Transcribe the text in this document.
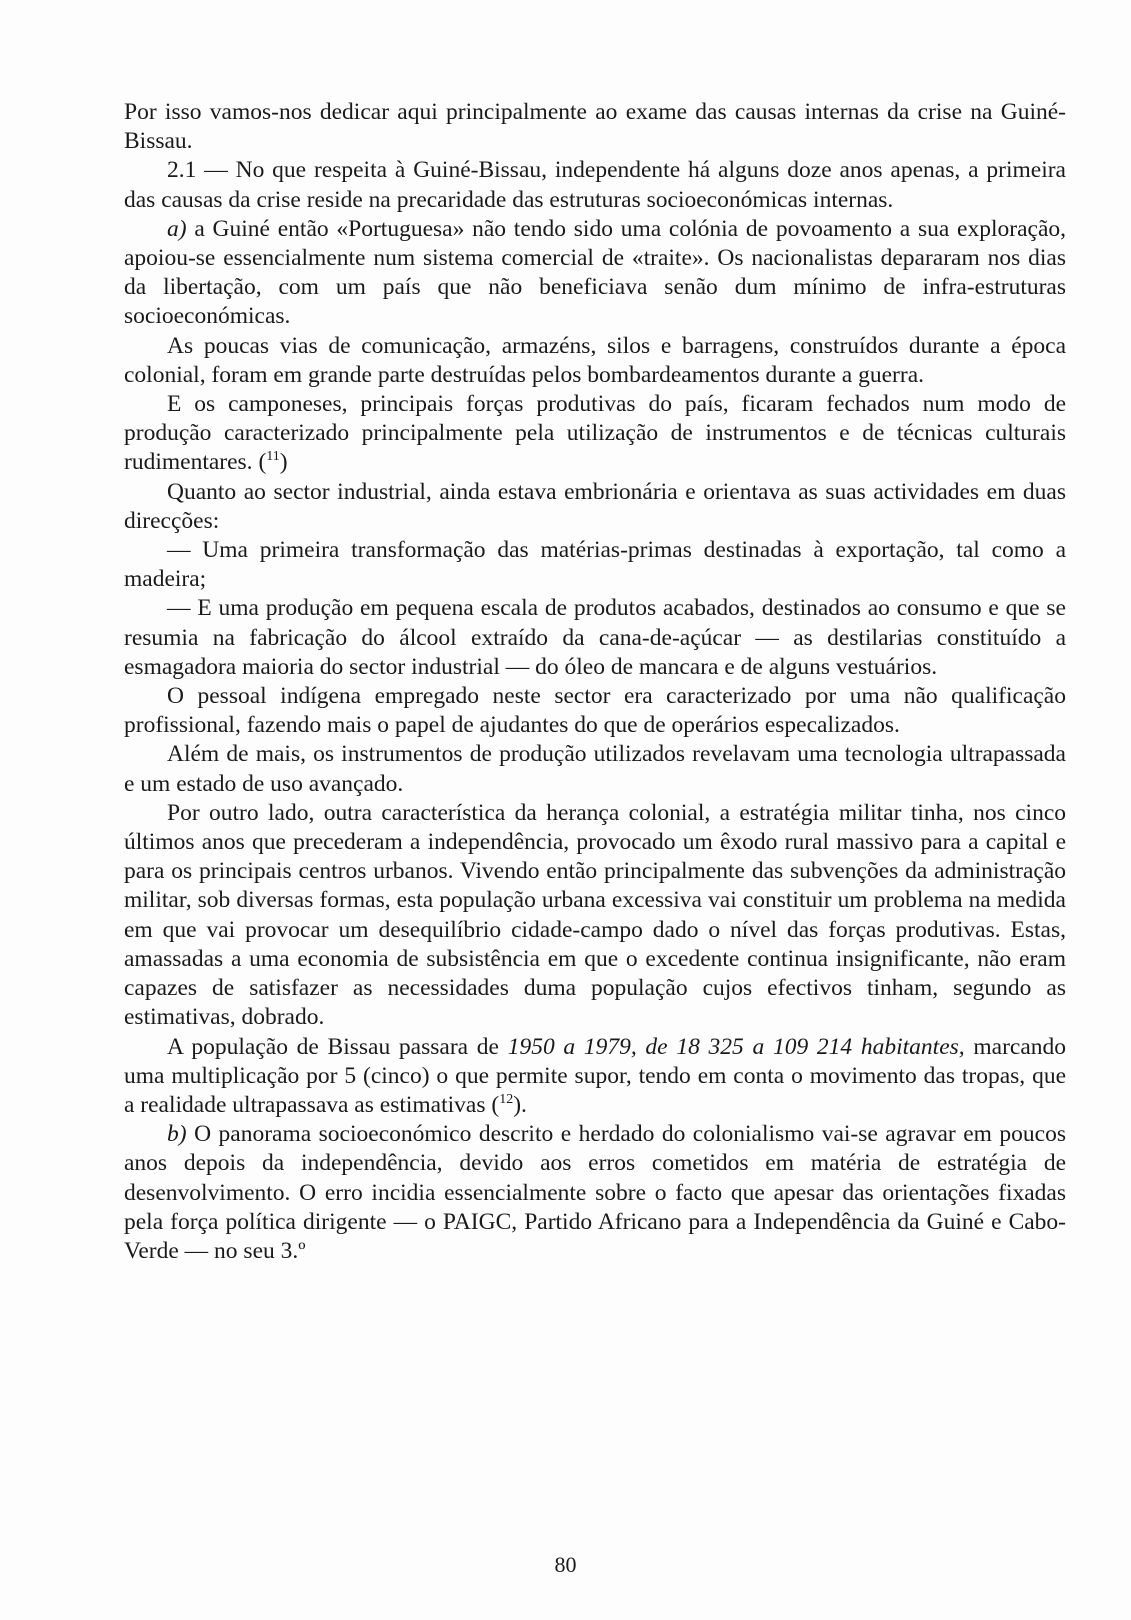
Por isso vamos-nos dedicar aqui principalmente ao exame das causas internas da crise na Guiné-Bissau.

2.1 — No que respeita à Guiné-Bissau, independente há alguns doze anos apenas, a primeira das causas da crise reside na precaridade das estruturas socioeconómicas internas.

a) a Guiné então «Portuguesa» não tendo sido uma colónia de povoamento a sua exploração, apoiou-se essencialmente num sistema comercial de «traite». Os nacionalistas depararam nos dias da libertação, com um país que não beneficiava senão dum mínimo de infra-estruturas socioeconómicas.

As poucas vias de comunicação, armazéns, silos e barragens, construídos durante a época colonial, foram em grande parte destruídas pelos bombardeamentos durante a guerra.

E os camponeses, principais forças produtivas do país, ficaram fechados num modo de produção caracterizado principalmente pela utilização de instrumentos e de técnicas culturais rudimentares. ($^{11}$)

Quanto ao sector industrial, ainda estava embrionária e orientava as suas actividades em duas direcções:

— Uma primeira transformação das matérias-primas destinadas à exportação, tal como a madeira;

— E uma produção em pequena escala de produtos acabados, destinados ao consumo e que se resumia na fabricação do álcool extraído da cana-de-açúcar — as destilarias constituído a esmagadora maioria do sector industrial — do óleo de mancara e de alguns vestuários.

O pessoal indígena empregado neste sector era caracterizado por uma não qualificação profissional, fazendo mais o papel de ajudantes do que de operários especalizados.

Além de mais, os instrumentos de produção utilizados revelavam uma tecnologia ultrapassada e um estado de uso avançado.

Por outro lado, outra característica da herança colonial, a estratégia militar tinha, nos cinco últimos anos que precederam a independência, provocado um êxodo rural massivo para a capital e para os principais centros urbanos. Vivendo então principalmente das subvenções da administração militar, sob diversas formas, esta população urbana excessiva vai constituir um problema na medida em que vai provocar um desequilíbrio cidade-campo dado o nível das forças produtivas. Estas, amassadas a uma economia de subsistência em que o excedente continua insignificante, não eram capazes de satisfazer as necessidades duma população cujos efectivos tinham, segundo as estimativas, dobrado.

A população de Bissau passara de 1950 a 1979, de 18 325 a 109 214 habitantes, marcando uma multiplicação por 5 (cinco) o que permite supor, tendo em conta o movimento das tropas, que a realidade ultrapassava as estimativas ($^{12}$).

b) O panorama socioeconómico descrito e herdado do colonialismo vai-se agravar em poucos anos depois da independência, devido aos erros cometidos em matéria de estratégia de desenvolvimento. O erro incidia essencialmente sobre o facto que apesar das orientações fixadas pela força política dirigente — o PAIGC, Partido Africano para a Independência da Guiné e Cabo-Verde — no seu 3.º

80
